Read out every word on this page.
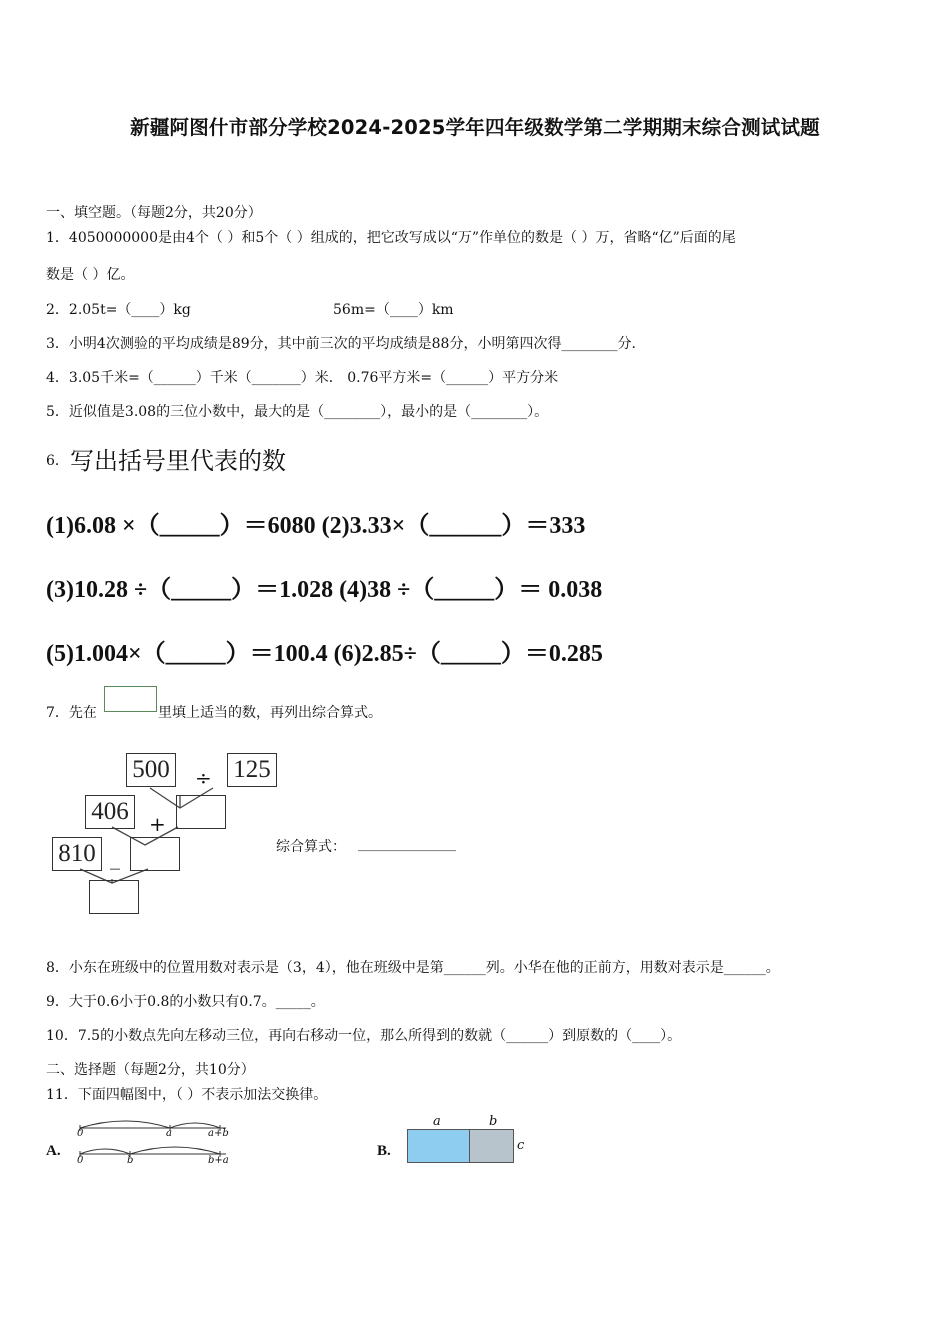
新疆阿图什市部分学校2024-2025学年四年级数学第二学期期末综合测试试题
一、填空题。（每题2分，共20分）
1．4050000000是由4个（ ）和5个（ ）组成的，把它改写成以“万”作单位的数是（ ）万，省略“亿”后面的尾
数是（ ）亿。
2．2.05t=（____）kg	56m=（____）km
3．小明4次测验的平均成绩是89分，其中前三次的平均成绩是88分，小明第四次得________分.
4．3.05千米=（______）千米（_______）米． 0.76平方米=（______）平方分米
5．近似值是3.08的三位小数中，最大的是（________），最小的是（________）。
6． 写出括号里代表的数
(1)6.08 ×（_____）＝6080 (2)3.33×（______）＝333
(3)10.28 ÷（_____）＝1.028 (4)38 ÷（_____）＝ 0.038
(5)1.004×（_____）＝100.4 (6)2.85÷（_____）＝0.285
7．先在	里填上适当的数，再列出综合算式。
500	125
÷
406	+
810 _	综合算式： ______________
8．小东在班级中的位置用数对表示是（3，4），他在班级中是第______列。小华在他的正前方，用数对表示是______。
9．大于0.6小于0.8的小数只有0.7。_____。
10．7.5的小数点先向左移动三位，再向右移动一位，那么所得到的数就（______）到原数的（____）。
二、选择题（每题2分，共10分）
11．下面四幅图中，（ ）不表示加法交换律。
A.
0	a	a+b
0	b	b+a
B.
a	b
c
